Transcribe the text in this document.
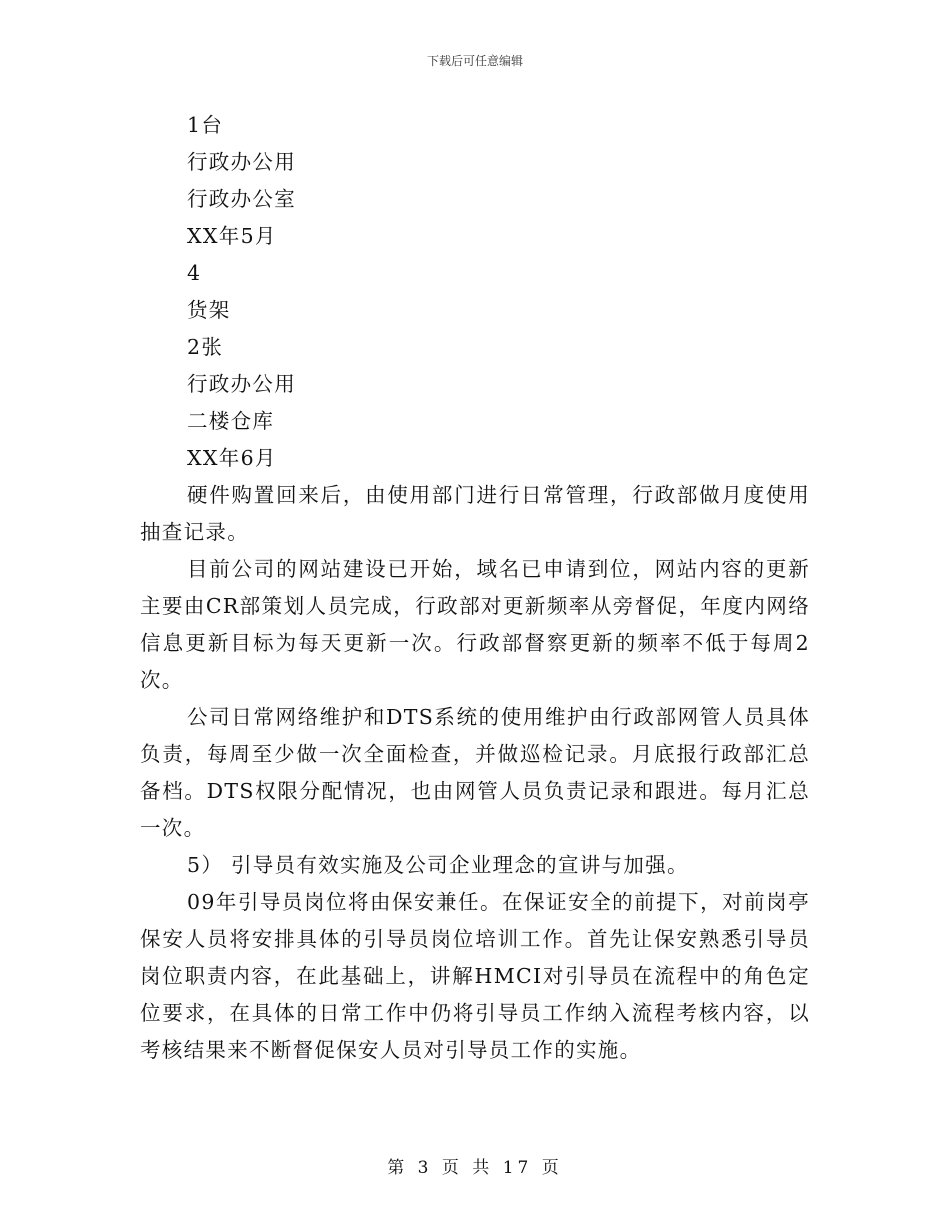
下载后可任意编辑

1台

行政办公用

行政办公室

XX年5月

4

货架

2张

行政办公用

二楼仓库

XX年6月

硬件购置回来后，由使用部门进行日常管理，行政部做月度使用抽查记录。

目前公司的网站建设已开始，域名已申请到位，网站内容的更新主要由CR部策划人员完成，行政部对更新频率从旁督促，年度内网络信息更新目标为每天更新一次。行政部督察更新的频率不低于每周2次。

公司日常网络维护和DTS系统的使用维护由行政部网管人员具体负责，每周至少做一次全面检查，并做巡检记录。月底报行政部汇总备档。DTS权限分配情况，也由网管人员负责记录和跟进。每月汇总一次。

5） 引导员有效实施及公司企业理念的宣讲与加强。

09年引导员岗位将由保安兼任。在保证安全的前提下，对前岗亭保安人员将安排具体的引导员岗位培训工作。首先让保安熟悉引导员岗位职责内容，在此基础上，讲解HMCI对引导员在流程中的角色定位要求，在具体的日常工作中仍将引导员工作纳入流程考核内容，以考核结果来不断督促保安人员对引导员工作的实施。

第 3 页 共 17 页
